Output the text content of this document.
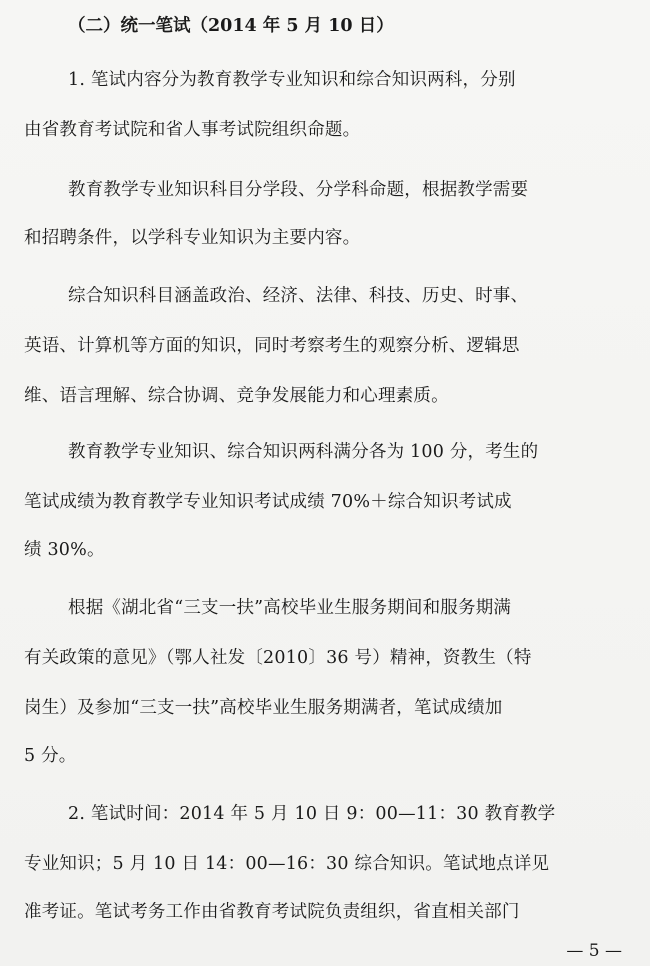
（二）统一笔试（2014 年 5 月 10 日）
1. 笔试内容分为教育教学专业知识和综合知识两科，分别
由省教育考试院和省人事考试院组织命题。
教育教学专业知识科目分学段、分学科命题，根据教学需要
和招聘条件，以学科专业知识为主要内容。
综合知识科目涵盖政治、经济、法律、科技、历史、时事、
英语、计算机等方面的知识，同时考察考生的观察分析、逻辑思
维、语言理解、综合协调、竞争发展能力和心理素质。
教育教学专业知识、综合知识两科满分各为 100 分，考生的
笔试成绩为教育教学专业知识考试成绩 70%＋综合知识考试成
绩 30%。
根据《湖北省“三支一扶”高校毕业生服务期间和服务期满
有关政策的意见》（鄂人社发〔2010〕36 号）精神，资教生（特
岗生）及参加“三支一扶”高校毕业生服务期满者，笔试成绩加
5 分。
2. 笔试时间：2014 年 5 月 10 日 9：00—11：30 教育教学
专业知识；5 月 10 日 14：00—16：30 综合知识。笔试地点详见
准考证。笔试考务工作由省教育考试院负责组织，省直相关部门
— 5 —
